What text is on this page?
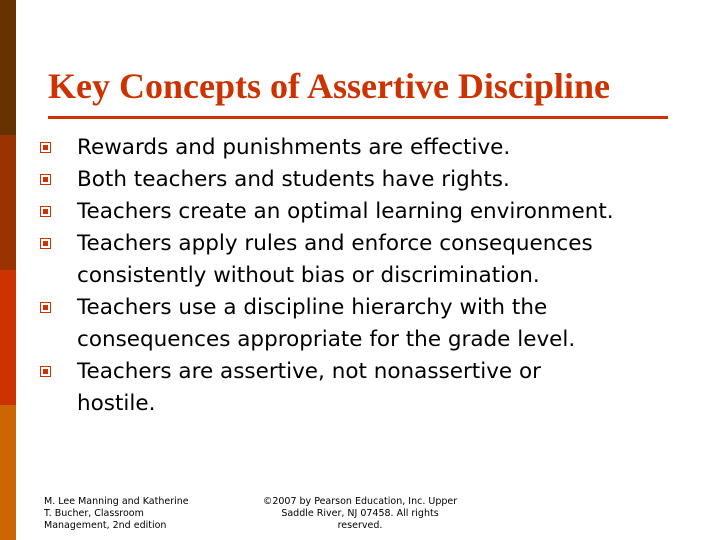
Key Concepts of Assertive Discipline
Rewards and punishments are effective.
Both teachers and students have rights.
Teachers create an optimal learning environment.
Teachers apply rules and enforce consequences
consistently without bias or discrimination.
Teachers use a discipline hierarchy with the
consequences appropriate for the grade level.
Teachers are assertive, not nonassertive or
hostile.
M. Lee Manning and Katherine
T. Bucher, Classroom
Management, 2nd edition
©2007 by Pearson Education, Inc. Upper
Saddle River, NJ 07458. All rights
reserved.
